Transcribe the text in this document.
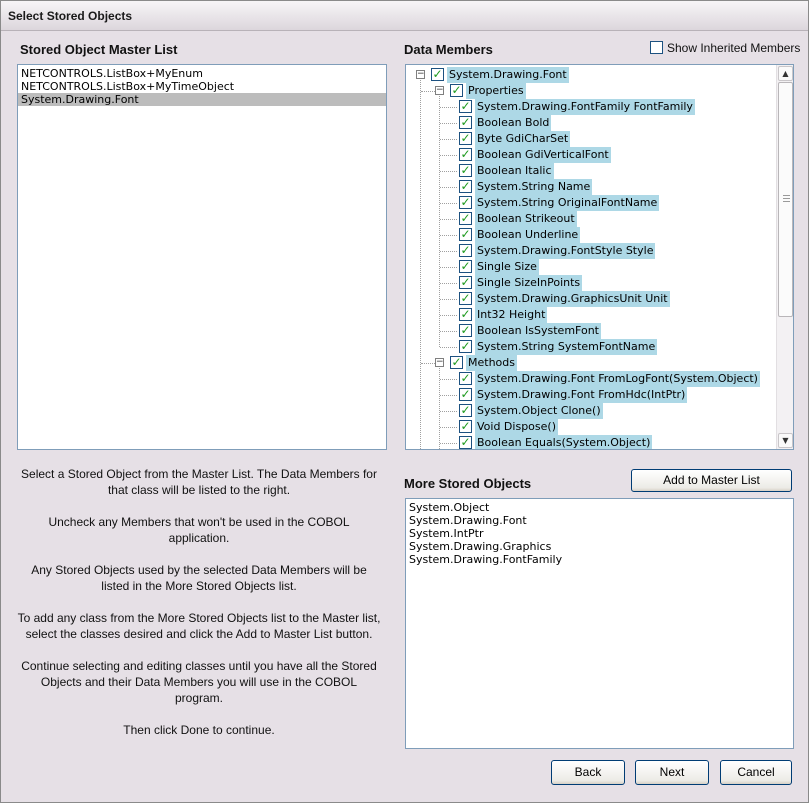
Select Stored Objects
Stored Object Master List
NETCONTROLS.ListBox+MyEnum
NETCONTROLS.ListBox+MyTimeObject
System.Drawing.Font
Data Members	Show Inherited Members
− ✓ System.Drawing.Font
− ✓ Properties
✓ System.Drawing.FontFamily FontFamily
✓ Boolean Bold
✓ Byte GdiCharSet
✓ Boolean GdiVerticalFont
✓ Boolean Italic
✓ System.String Name
✓ System.String OriginalFontName
✓ Boolean Strikeout
✓ Boolean Underline
✓ System.Drawing.FontStyle Style
✓ Single Size
✓ Single SizeInPoints
✓ System.Drawing.GraphicsUnit Unit
✓ Int32 Height
✓ Boolean IsSystemFont
✓ System.String SystemFontName
− ✓ Methods
✓ System.Drawing.Font FromLogFont(System.Object)
✓ System.Drawing.Font FromHdc(IntPtr)
✓ System.Object Clone()
✓ Void Dispose()
✓ Boolean Equals(System.Object)
▲
▼

Select a Stored Object from the Master List. The Data Members for that class will be listed to the right.

Uncheck any Members that won't be used in the COBOL application.

Any Stored Objects used by the selected Data Members will be listed in the More Stored Objects list.

To add any class from the More Stored Objects list to the Master list, select the classes desired and click the Add to Master List button.

Continue selecting and editing classes until you have all the Stored Objects and their Data Members you will use in the COBOL program.

Then click Done to continue.

More Stored Objects	Add to Master List
System.Object
System.Drawing.Font
System.IntPtr
System.Drawing.Graphics
System.Drawing.FontFamily
Back	Next	Cancel
